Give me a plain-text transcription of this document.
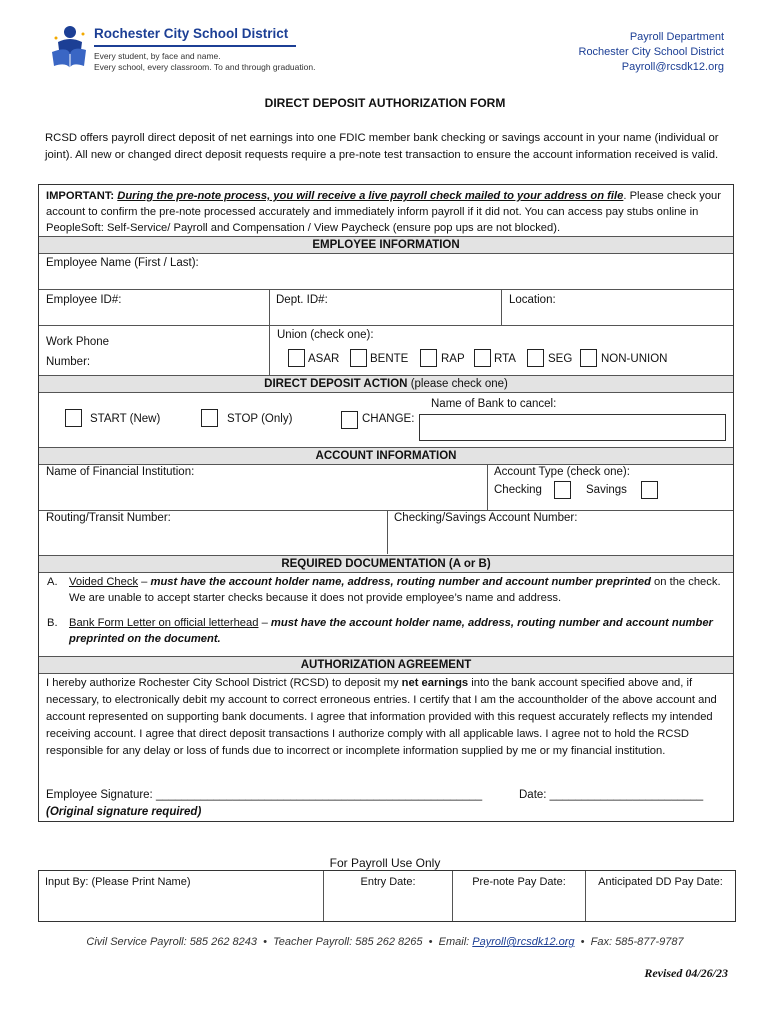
Rochester City School District
Every student, by face and name.
Every school, every classroom. To and through graduation.
Payroll Department
Rochester City School District
Payroll@rcsdk12.org
DIRECT DEPOSIT AUTHORIZATION FORM
RCSD offers payroll direct deposit of net earnings into one FDIC member bank checking or savings account in your name (individual or joint). All new or changed direct deposit requests require a pre-note test transaction to ensure the account information received is valid.
IMPORTANT: During the pre-note process, you will receive a live payroll check mailed to your address on file. Please check your account to confirm the pre-note processed accurately and immediately inform payroll if it did not. You can access pay stubs online in PeopleSoft: Self-Service/ Payroll and Compensation / View Paycheck (ensure pop ups are not blocked).
EMPLOYEE INFORMATION
Employee Name (First / Last):
Employee ID#:	Dept. ID#:	Location:
Work Phone
Number:
Union (check one):
ASAR	BENTE	RAP	RTA	SEG NON-UNION
DIRECT DEPOSIT ACTION (please check one)
START (New)	STOP (Only)	CHANGE:
Name of Bank to cancel:
ACCOUNT INFORMATION
Name of Financial Institution:	Account Type (check one):
Checking	Savings
Routing/Transit Number:	Checking/Savings Account Number:
REQUIRED DOCUMENTATION (A or B)
A. Voided Check – must have the account holder name, address, routing number and account number preprinted on the check.
We are unable to accept starter checks because it does not provide employee’s name and address.
B. Bank Form Letter on official letterhead – must have the account holder name, address, routing number and account number preprinted on the document.
AUTHORIZATION AGREEMENT
I hereby authorize Rochester City School District (RCSD) to deposit my net earnings into the bank account specified above and, if necessary, to electronically debit my account to correct erroneous entries. I certify that I am the accountholder of the above account and account represented on supporting bank documents. I agree that information provided with this request accurately reflects my intended receiving account. I agree that direct deposit transactions I authorize comply with all applicable laws. I agree not to hold the RCSD responsible for any delay or loss of funds due to incorrect or incomplete information supplied by me or my financial institution.
Employee Signature: ___________________________________________________	Date: ________________________
(Original signature required)
For Payroll Use Only
Input By: (Please Print Name)	Entry Date:	Pre-note Pay Date:	Anticipated DD Pay Date:
Civil Service Payroll: 585 262 8243 • Teacher Payroll: 585 262 8265 • Email: Payroll@rcsdk12.org • Fax: 585-877-9787
Revised 04/26/23
